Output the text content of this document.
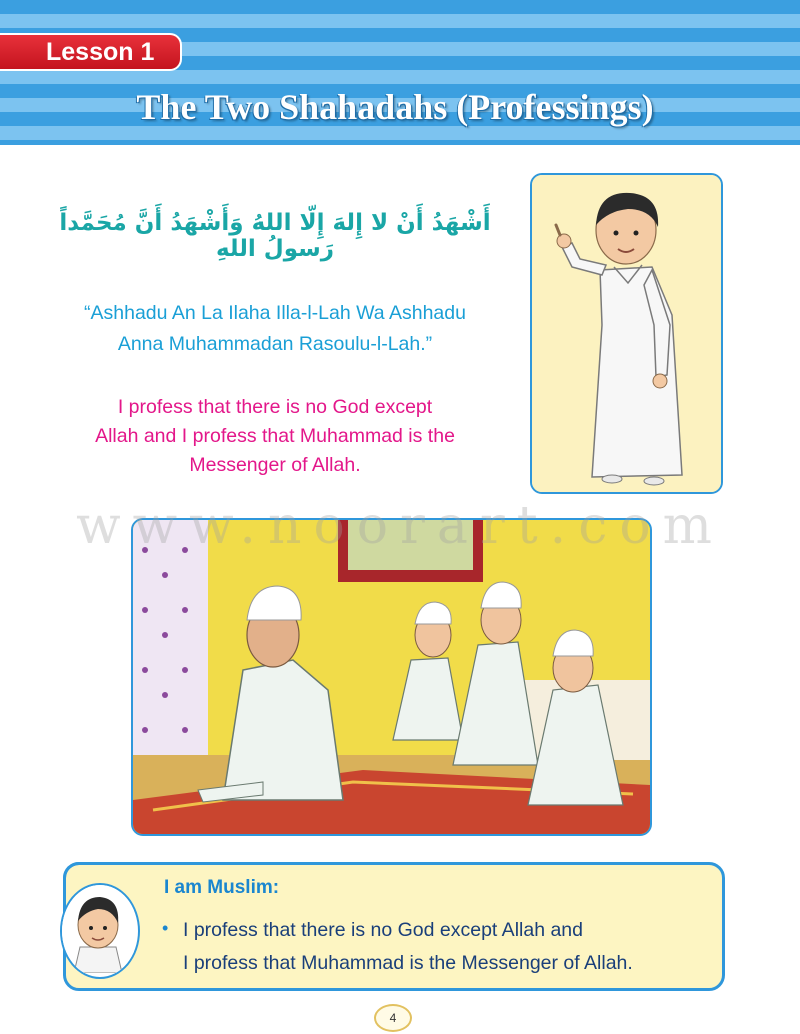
Lesson 1
The Two Shahadahs (Professings)
أَشْهَدُ أَنْ لا إِلهَ إِلّا اللهُ وَأَشْهَدُ أَنَّ مُحَمَّداً رَسولُ اللهِ
“Ashhadu An La Ilaha Illa-l-Lah Wa Ashhadu
Anna Muhammadan Rasoulu-l-Lah.”
I profess that there is no God except
Allah and I profess that Muhammad is the
Messenger of Allah.
www.noorart.com
I am Muslim:
• I profess that there is no God except Allah and
I profess that Muhammad is the Messenger of Allah.
4
